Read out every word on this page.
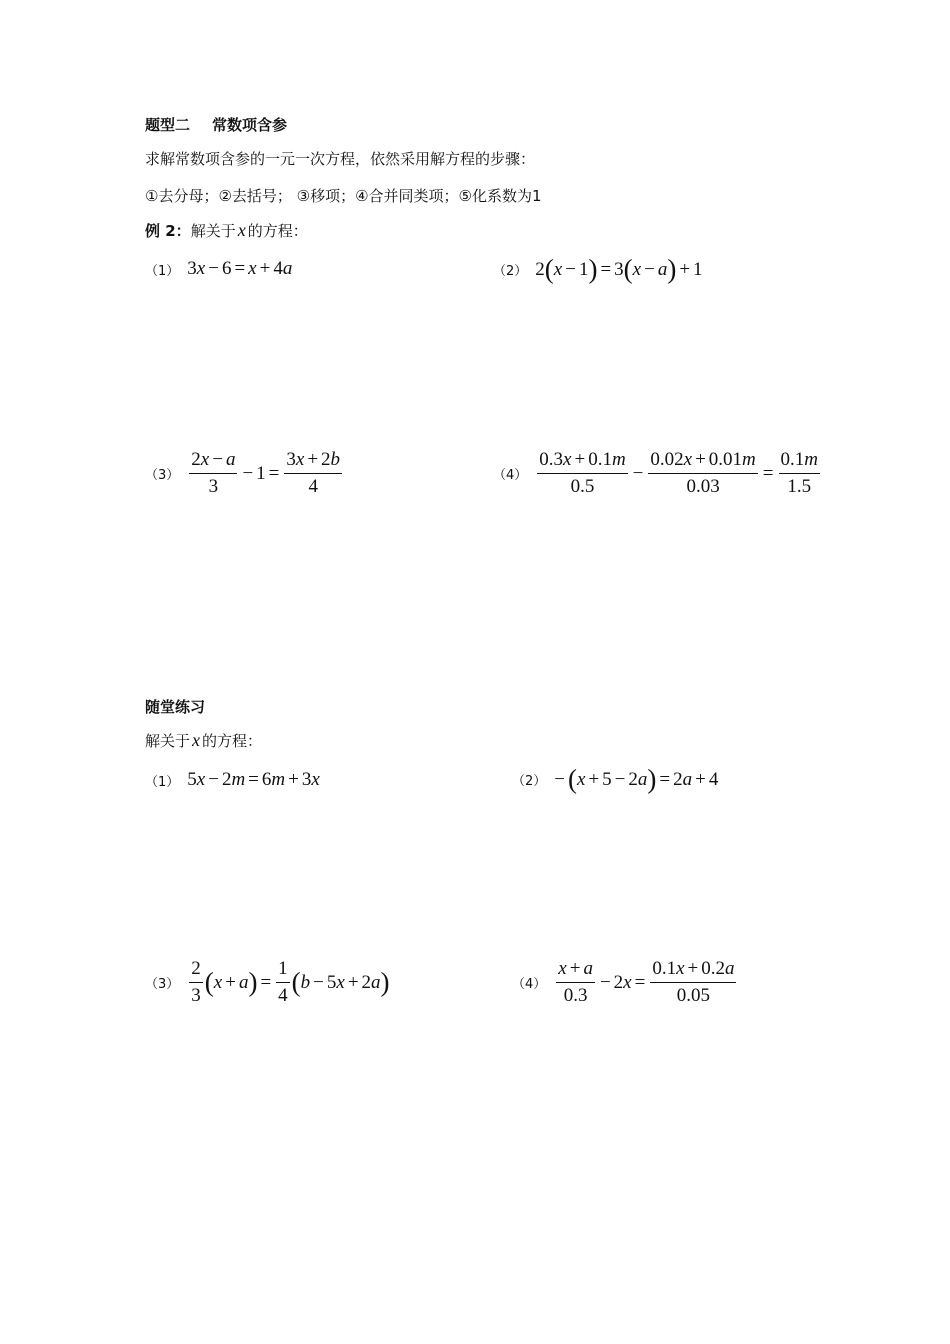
题型二 常数项含参
求解常数项含参的一元一次方程，依然采用解方程的步骤：
①去分母；②去括号； ③移项；④合并同类项；⑤化系数为1
例 2 ： 解关于 x 的方程：
（1） 3 x − 6 = x + 4 a	（2） 2 ( x − 1 ) = 3 ( x − a ) + 1
$(3) \frac{2x - a}{3} - 1 = \frac{3x + 2b}{4}$	$(4) \frac{0.3x + 0.1m}{0.5} - \frac{0.02x + 0.01m}{0.03} = \frac{0.1m}{1.5}$
随堂练习
解关于 x 的方程：
（1） 5 x − 2 m = 6 m + 3 x	（2） − ( x + 5 − 2 a ) = 2 a + 4
$(3) \frac{2}{3}$ ( x + a ) = $\frac{1}{4}$ ( b − 5 x + 2 a )	$(4) \frac{x + a}{0.3} - 2$ $x = \frac{0.1x + 0.2a}{0.05}$
